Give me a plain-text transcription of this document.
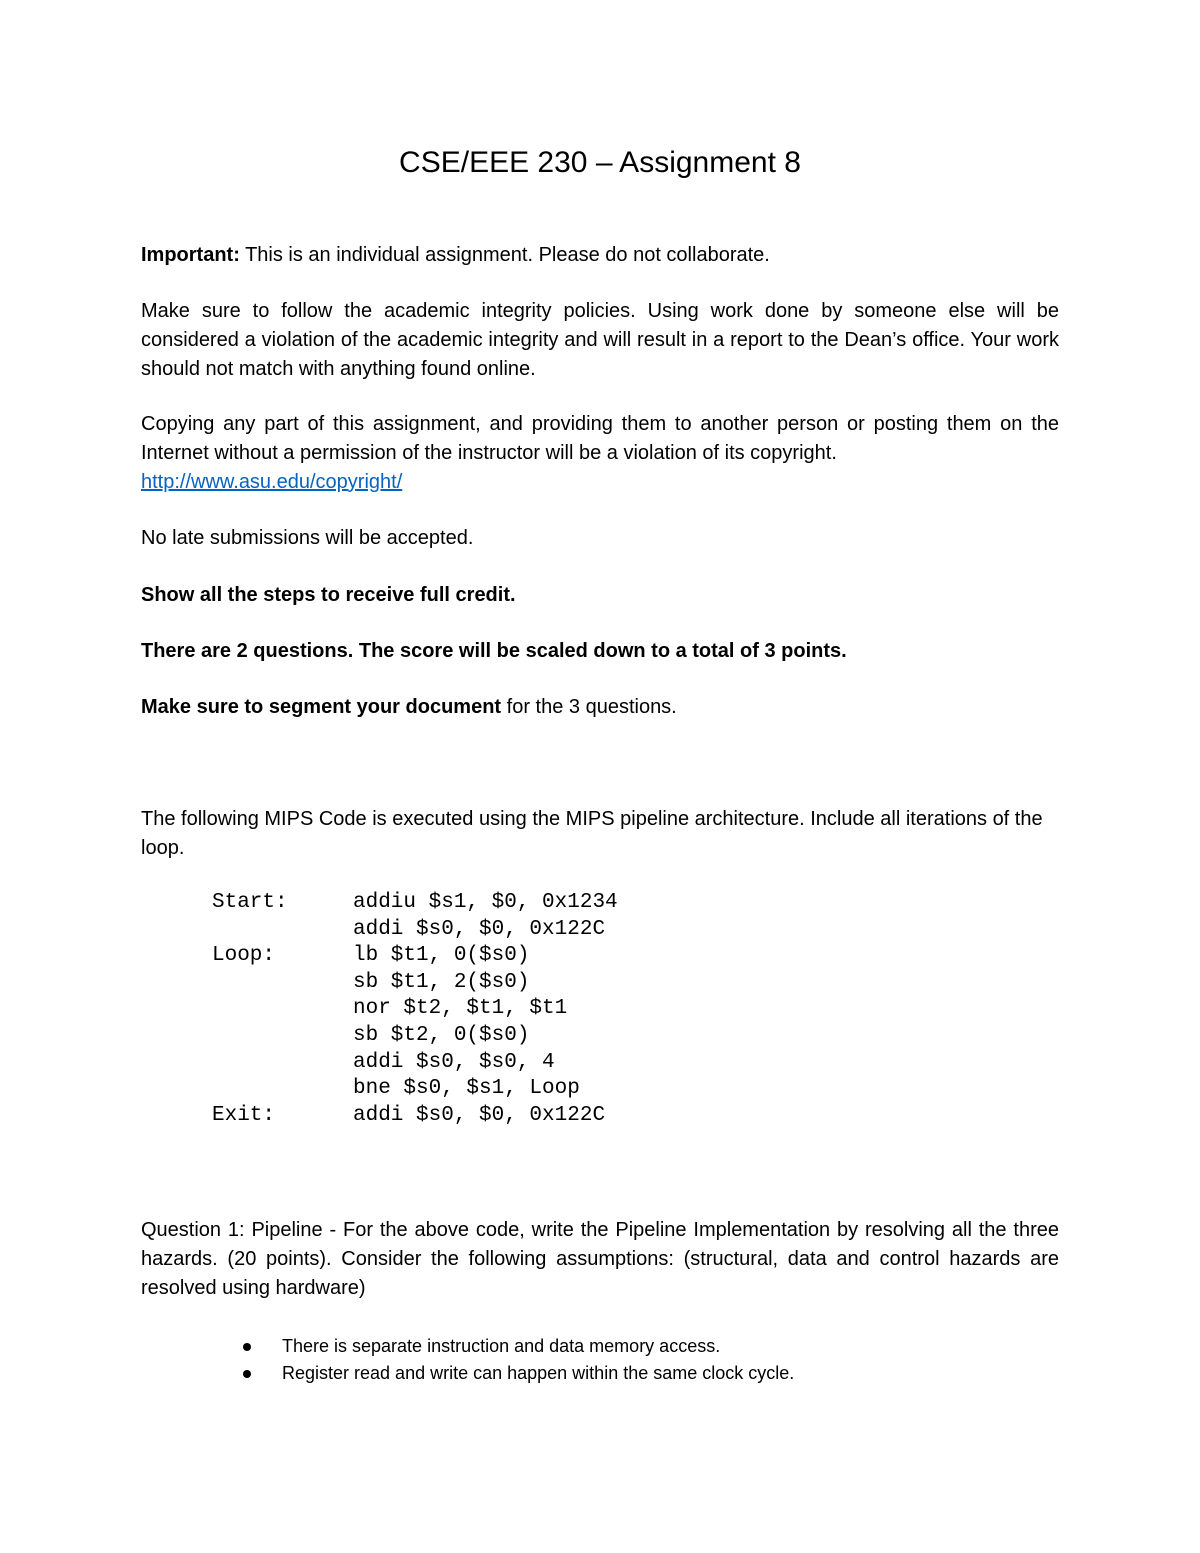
CSE/EEE 230 – Assignment 8

Important: This is an individual assignment. Please do not collaborate.

Make sure to follow the academic integrity policies. Using work done by someone else will be considered a violation of the academic integrity and will result in a report to the Dean’s office. Your work should not match with anything found online.

Copying any part of this assignment, and providing them to another person or posting them on the Internet without a permission of the instructor will be a violation of its copyright.
http://www.asu.edu/copyright/

No late submissions will be accepted.

Show all the steps to receive full credit.

There are 2 questions. The score will be scaled down to a total of 3 points.

Make sure to segment your document for the 3 questions.

The following MIPS Code is executed using the MIPS pipeline architecture. Include all iterations of the loop.

Start:	addiu $s1, $0, 0x1234
addi $s0, $0, 0x122C
Loop:	lb $t1, 0($s0)
sb $t1, 2($s0)
nor $t2, $t1, $t1
sb $t2, 0($s0)
addi $s0, $s0, 4
bne $s0, $s1, Loop
Exit:	addi $s0, $0, 0x122C

Question 1: Pipeline - For the above code, write the Pipeline Implementation by resolving all the three hazards. (20 points). Consider the following assumptions: (structural, data and control hazards are resolved using hardware)

There is separate instruction and data memory access.
Register read and write can happen within the same clock cycle.
